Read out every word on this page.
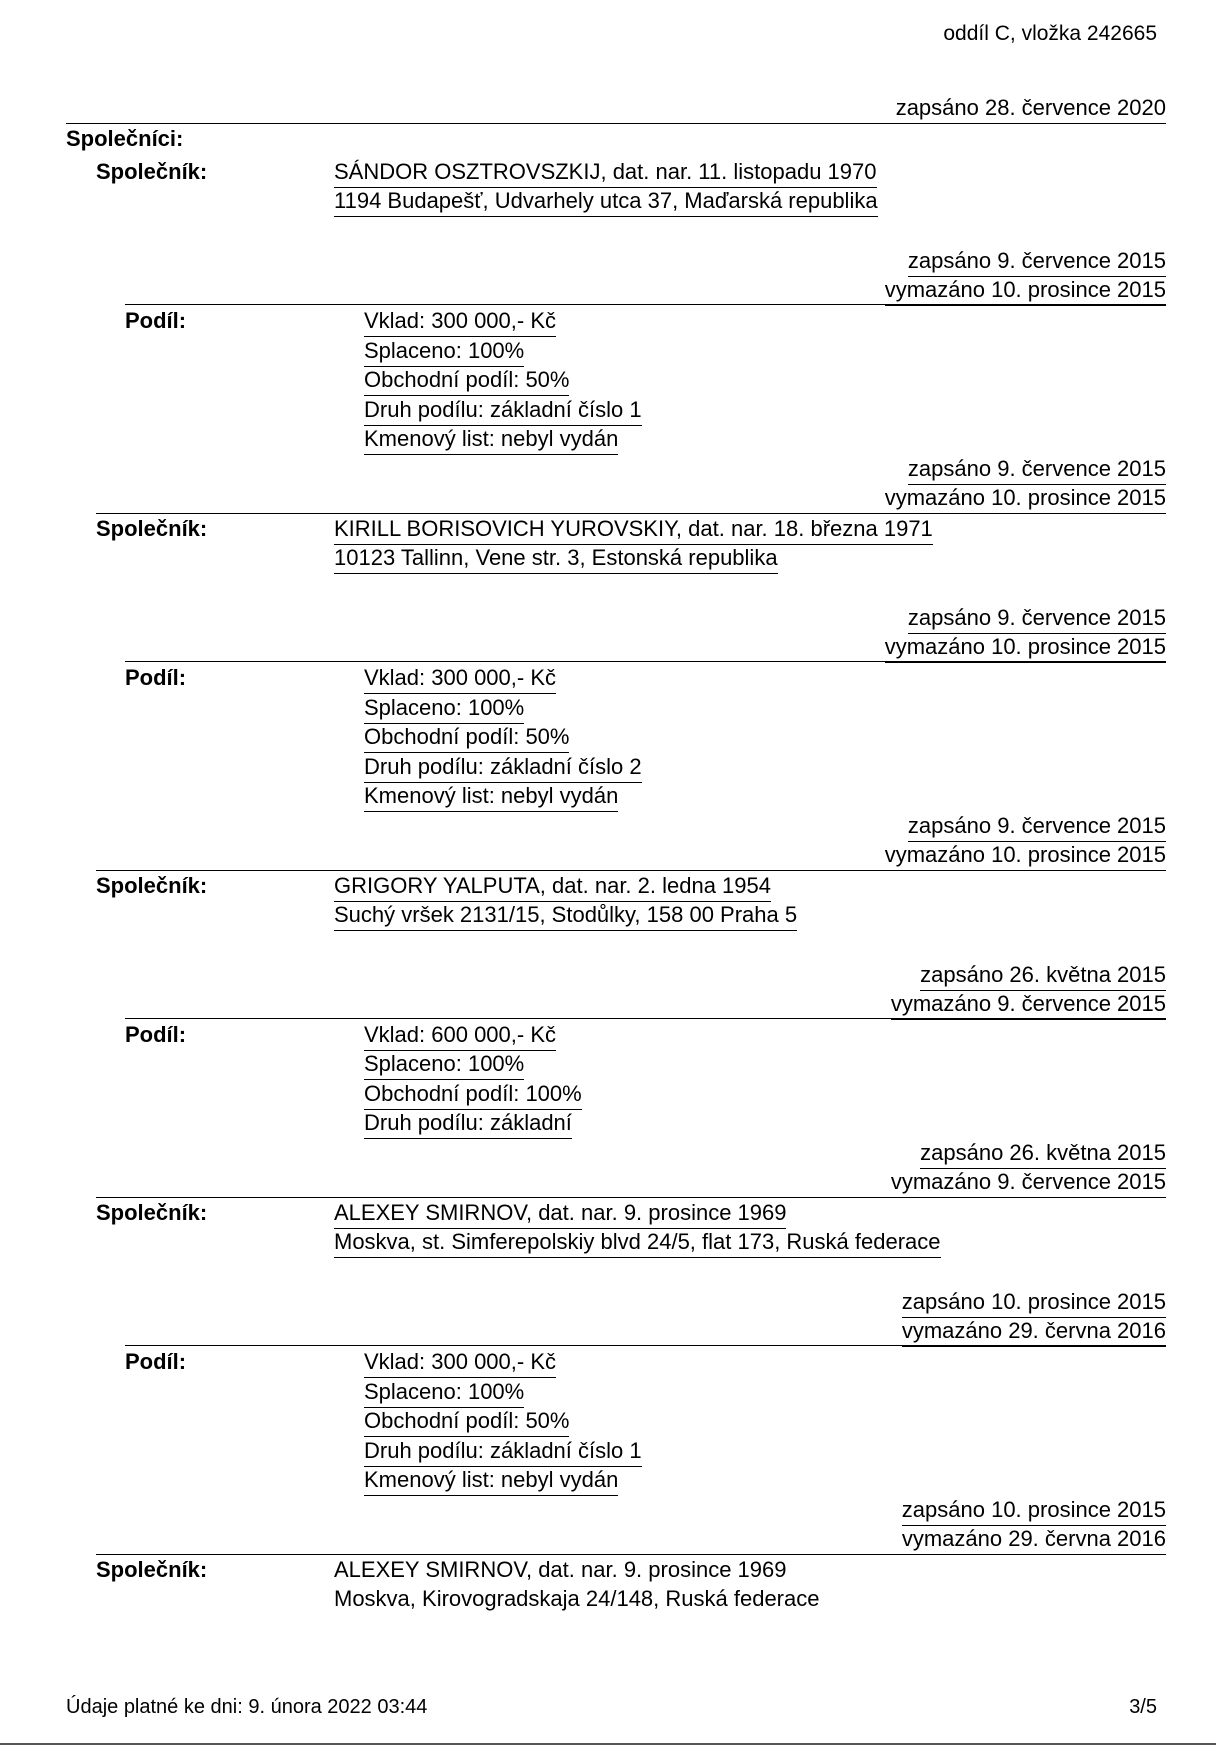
oddíl C, vložka 242665
zapsáno 28. července 2020
Společníci:
Společník:	SÁNDOR OSZTROVSZKIJ, dat. nar. 11. listopadu 1970
1194 Budapešť, Udvarhely utca 37, Maďarská republika
zapsáno 9. července 2015
vymazáno 10. prosince 2015
Podíl:	Vklad: 300 000,- Kč
Splaceno: 100%
Obchodní podíl: 50%
Druh podílu: základní číslo 1
Kmenový list: nebyl vydán
zapsáno 9. července 2015
vymazáno 10. prosince 2015
Společník:	KIRILL BORISOVICH YUROVSKIY, dat. nar. 18. března 1971
10123 Tallinn, Vene str. 3, Estonská republika
zapsáno 9. července 2015
vymazáno 10. prosince 2015
Podíl:	Vklad: 300 000,- Kč
Splaceno: 100%
Obchodní podíl: 50%
Druh podílu: základní číslo 2
Kmenový list: nebyl vydán
zapsáno 9. července 2015
vymazáno 10. prosince 2015
Společník:	GRIGORY YALPUTA, dat. nar. 2. ledna 1954
Suchý vršek 2131/15, Stodůlky, 158 00 Praha 5
zapsáno 26. května 2015
vymazáno 9. července 2015
Podíl:	Vklad: 600 000,- Kč
Splaceno: 100%
Obchodní podíl: 100%
Druh podílu: základní
zapsáno 26. května 2015
vymazáno 9. července 2015
Společník:	ALEXEY SMIRNOV, dat. nar. 9. prosince 1969
Moskva, st. Simferepolskiy blvd 24/5, flat 173, Ruská federace
zapsáno 10. prosince 2015
vymazáno 29. června 2016
Podíl:	Vklad: 300 000,- Kč
Splaceno: 100%
Obchodní podíl: 50%
Druh podílu: základní číslo 1
Kmenový list: nebyl vydán
zapsáno 10. prosince 2015
vymazáno 29. června 2016
Společník:	ALEXEY SMIRNOV, dat. nar. 9. prosince 1969
Moskva, Kirovogradskaja 24/148, Ruská federace
Údaje platné ke dni: 9. února 2022 03:44	3/5
